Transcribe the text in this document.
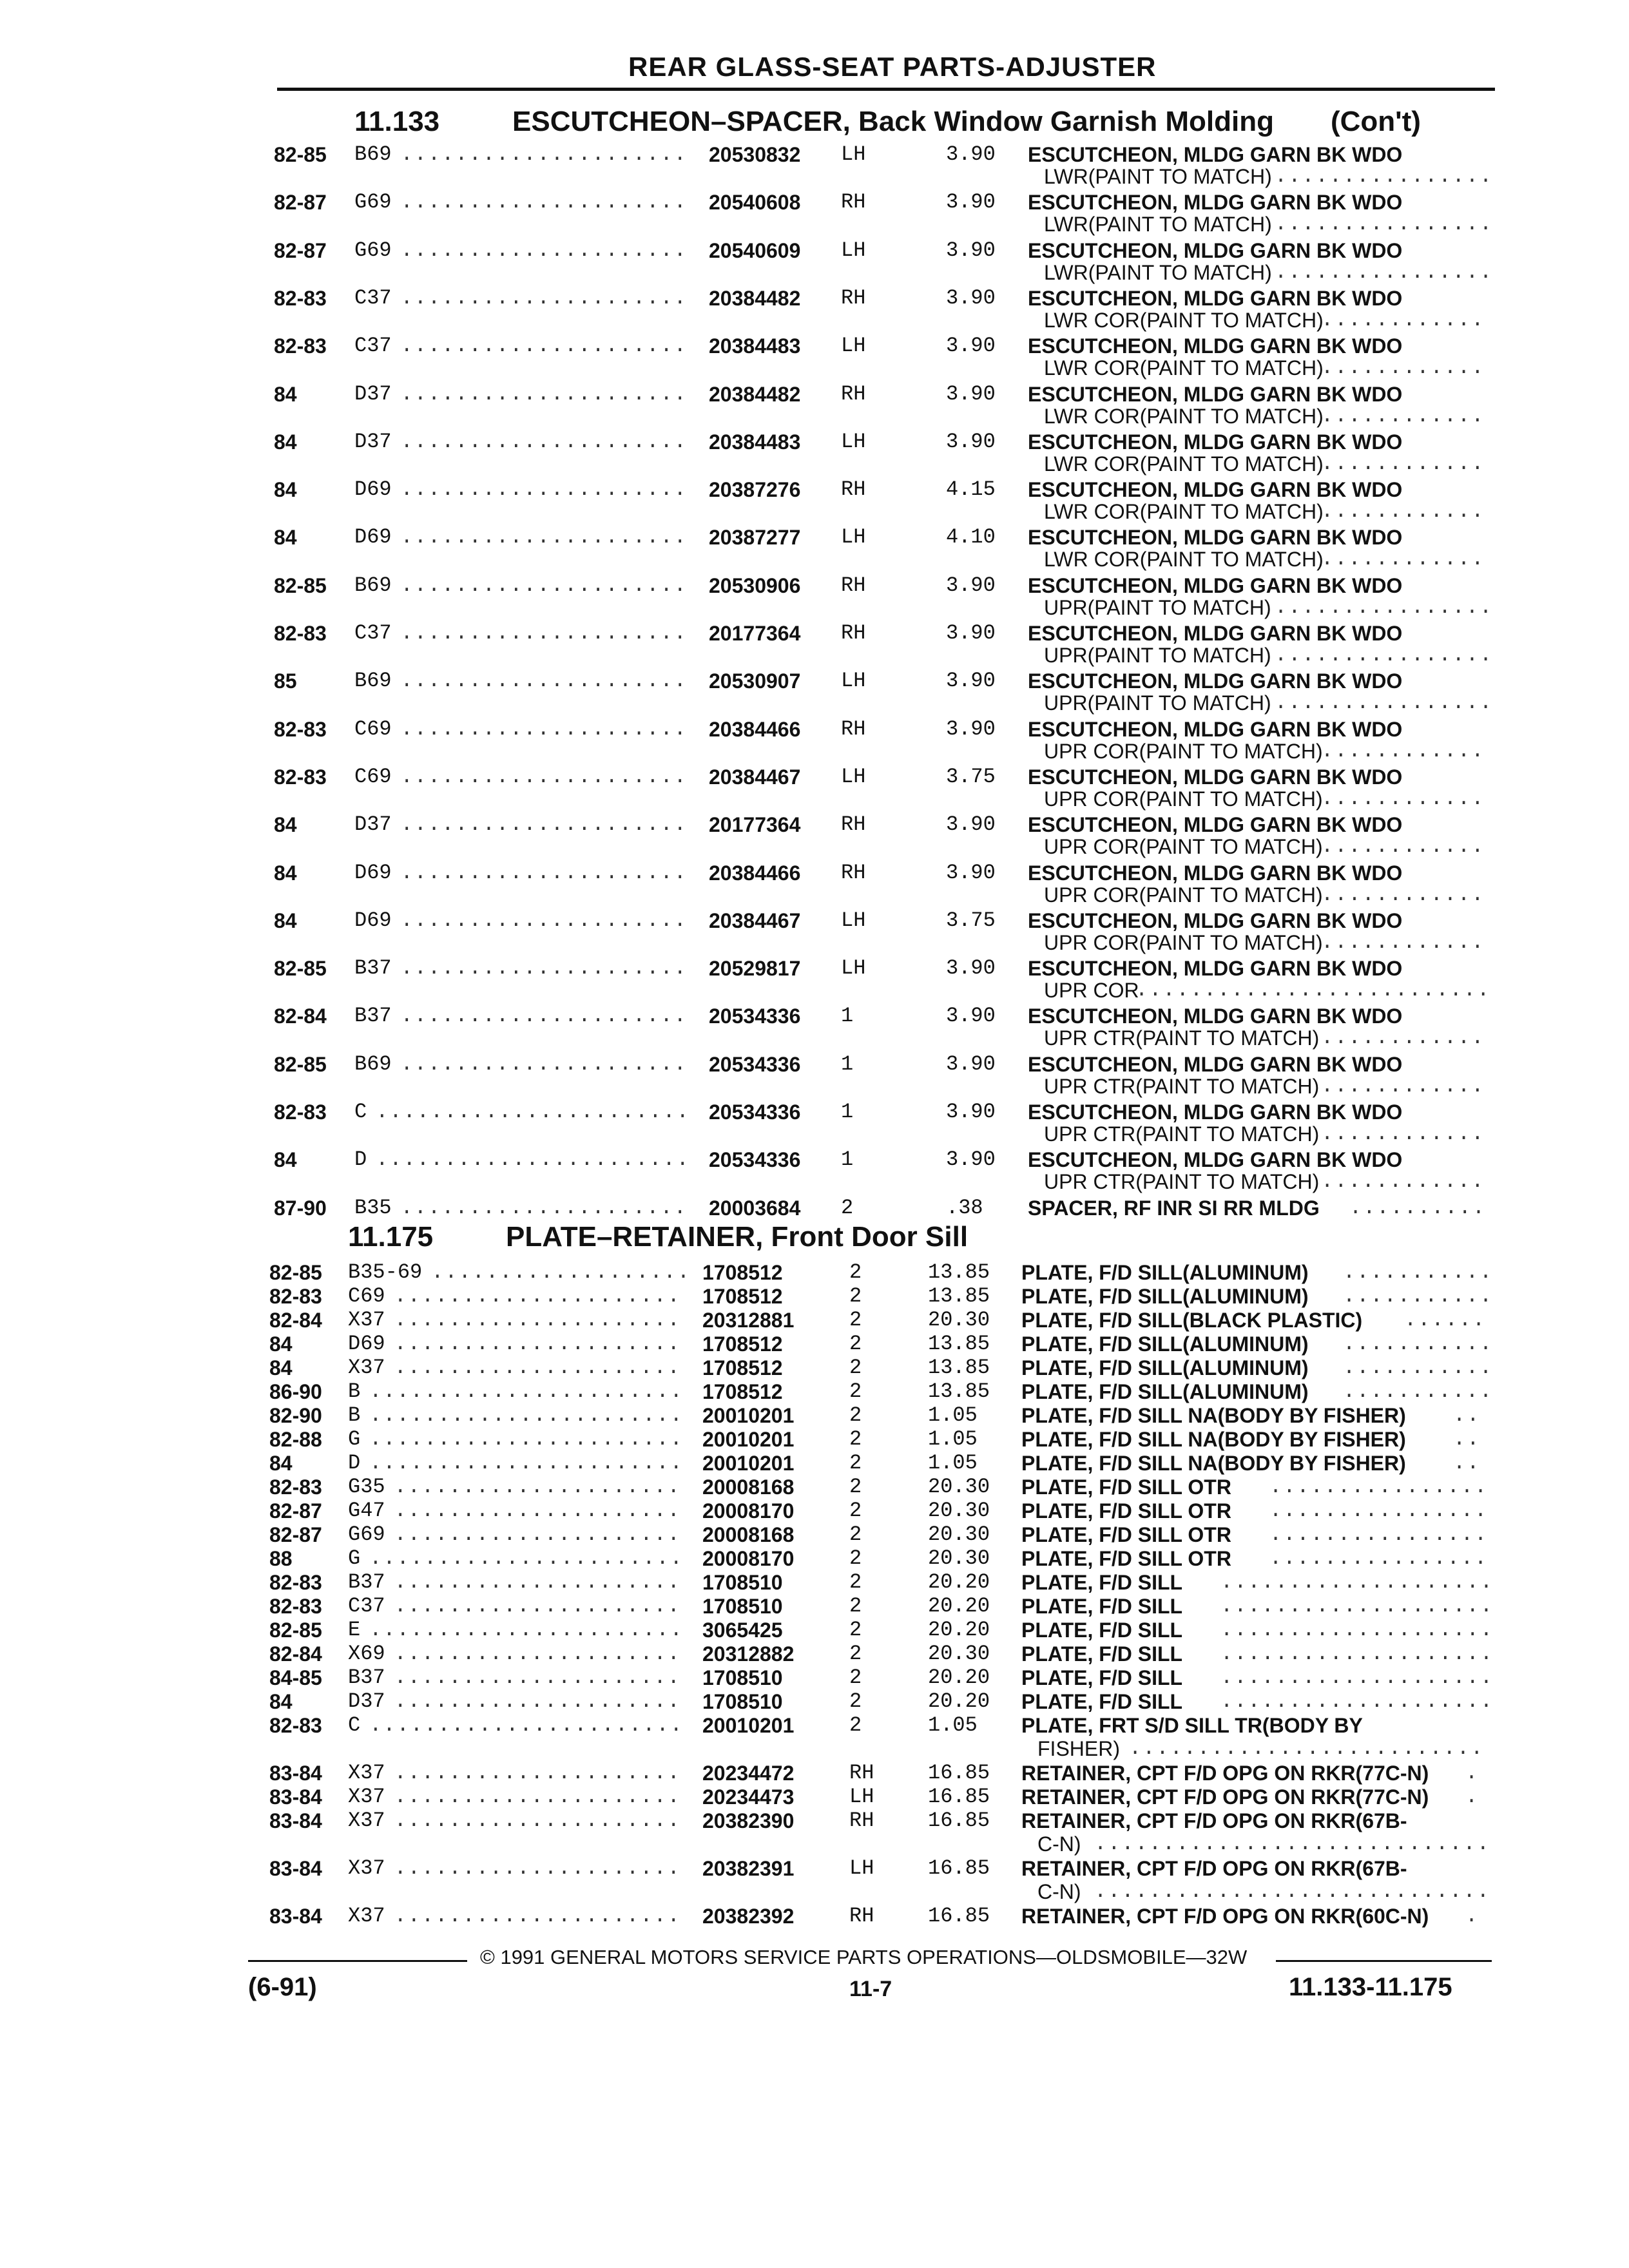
REAR GLASS-SEAT PARTS-ADJUSTER
11.133	ESCUTCHEON–SPACER, Back Window Garnish Molding (Con't)
82-85 B69 ..................... 20530832 LH	3.90 ESCUTCHEON, MLDG GARN BK WDO
LWR(PAINT TO MATCH) ................
82-87 G69 ..................... 20540608 RH	3.90 ESCUTCHEON, MLDG GARN BK WDO
LWR(PAINT TO MATCH) ................
82-87 G69 ..................... 20540609 LH	3.90 ESCUTCHEON, MLDG GARN BK WDO
LWR(PAINT TO MATCH) ................
82-83 C37 ..................... 20384482 RH	3.90 ESCUTCHEON, MLDG GARN BK WDO
LWR COR(PAINT TO MATCH)
............
82-83 C37 ..................... 20384483 LH	3.90 ESCUTCHEON, MLDG GARN BK WDO
LWR COR(PAINT TO MATCH)
............
84	D37 ..................... 20384482 RH	3.90 ESCUTCHEON, MLDG GARN BK WDO
LWR COR(PAINT TO MATCH)
............
84	D37 ..................... 20384483 LH	3.90 ESCUTCHEON, MLDG GARN BK WDO
LWR COR(PAINT TO MATCH)
............
84	D69 ..................... 20387276 RH	4.15 ESCUTCHEON, MLDG GARN BK WDO
LWR COR(PAINT TO MATCH)
............
84	D69 ..................... 20387277 LH	4.10 ESCUTCHEON, MLDG GARN BK WDO
LWR COR(PAINT TO MATCH)
............
82-85 B69 ..................... 20530906 RH	3.90 ESCUTCHEON, MLDG GARN BK WDO
UPR(PAINT TO MATCH) ................
82-83 C37 ..................... 20177364 RH	3.90 ESCUTCHEON, MLDG GARN BK WDO
UPR(PAINT TO MATCH) ................
85	B69 ..................... 20530907 LH	3.90 ESCUTCHEON, MLDG GARN BK WDO
UPR(PAINT TO MATCH) ................
82-83 C69 ..................... 20384466 RH	3.90 ESCUTCHEON, MLDG GARN BK WDO
UPR COR(PAINT TO MATCH)
............
82-83 C69 ..................... 20384467 LH	3.75 ESCUTCHEON, MLDG GARN BK WDO
UPR COR(PAINT TO MATCH)
............
84	D37 ..................... 20177364 RH	3.90 ESCUTCHEON, MLDG GARN BK WDO
UPR COR(PAINT TO MATCH)
............
84	D69 ..................... 20384466 RH	3.90 ESCUTCHEON, MLDG GARN BK WDO
UPR COR(PAINT TO MATCH)
............
84	D69 ..................... 20384467 LH	3.75 ESCUTCHEON, MLDG GARN BK WDO
UPR COR(PAINT TO MATCH)
............
82-85 B37 ..................... 20529817 LH	3.90 ESCUTCHEON, MLDG GARN BK WDO
UPR COR
..........................
82-84 B37 ..................... 20534336 1	3.90 ESCUTCHEON, MLDG GARN BK WDO
UPR CTR(PAINT TO MATCH) ............
82-85 B69 ..................... 20534336 1	3.90 ESCUTCHEON, MLDG GARN BK WDO
UPR CTR(PAINT TO MATCH) ............
82-83 C ....................... 20534336 1	3.90 ESCUTCHEON, MLDG GARN BK WDO
UPR CTR(PAINT TO MATCH) ............
84	D ....................... 20534336 1	3.90 ESCUTCHEON, MLDG GARN BK WDO
UPR CTR(PAINT TO MATCH) ............
87-90 B35 ..................... 20003684 2	.38 SPACER, RF INR SI RR MLDG ..........
11.175	PLATE–RETAINER, Front Door Sill
82-85 B35-69 ................... 1708512	2	13.85 PLATE, F/D SILL(ALUMINUM) ...........
82-83 C69 ..................... 1708512	2	13.85 PLATE, F/D SILL(ALUMINUM) ...........
82-84 X37 ..................... 20312881	2	20.30 PLATE, F/D SILL(BLACK PLASTIC) ......
84	D69 ..................... 1708512	2	13.85 PLATE, F/D SILL(ALUMINUM) ...........
84	X37 ..................... 1708512	2	13.85 PLATE, F/D SILL(ALUMINUM) ...........
86-90 B ....................... 1708512	2	13.85 PLATE, F/D SILL(ALUMINUM) ...........
82-90 B ....................... 20010201	2	1.05 PLATE, F/D SILL NA(BODY BY FISHER) ..
82-88 G ....................... 20010201	2	1.05 PLATE, F/D SILL NA(BODY BY FISHER) ..
84	D ....................... 20010201	2	1.05 PLATE, F/D SILL NA(BODY BY FISHER) ..
82-83 G35 ..................... 20008168	2	20.30 PLATE, F/D SILL OTR ................
82-87 G47 ..................... 20008170	2	20.30 PLATE, F/D SILL OTR ................
82-87 G69 ..................... 20008168	2	20.30 PLATE, F/D SILL OTR ................
88	G ....................... 20008170	2	20.30 PLATE, F/D SILL OTR ................
82-83 B37 ..................... 1708510	2	20.20 PLATE, F/D SILL ....................
82-83 C37 ..................... 1708510	2	20.20 PLATE, F/D SILL ....................
82-85 E ....................... 3065425	2	20.20 PLATE, F/D SILL ....................
82-84 X69 ..................... 20312882	2	20.30 PLATE, F/D SILL ....................
84-85 B37 ..................... 1708510	2	20.20 PLATE, F/D SILL ....................
84	D37 ..................... 1708510	2	20.20 PLATE, F/D SILL ....................
82-83 C ....................... 20010201	2	1.05 PLATE, FRT S/D SILL TR(BODY BY
FISHER) ..........................
83-84 X37 ..................... 20234472	RH	16.85 RETAINER, CPT F/D OPG ON RKR(77C-N) .
83-84 X37 ..................... 20234473	LH	16.85 RETAINER, CPT F/D OPG ON RKR(77C-N) .
83-84 X37 ..................... 20382390	RH	16.85 RETAINER, CPT F/D OPG ON RKR(67B-
C-N) .............................
83-84 X37 ..................... 20382391	LH	16.85 RETAINER, CPT F/D OPG ON RKR(67B-
C-N) .............................
83-84 X37 ..................... 20382392	RH	16.85 RETAINER, CPT F/D OPG ON RKR(60C-N) .
© 1991 GENERAL MOTORS SERVICE PARTS OPERATIONS—OLDSMOBILE—32W
(6-91)	11-7	11.133-11.175
